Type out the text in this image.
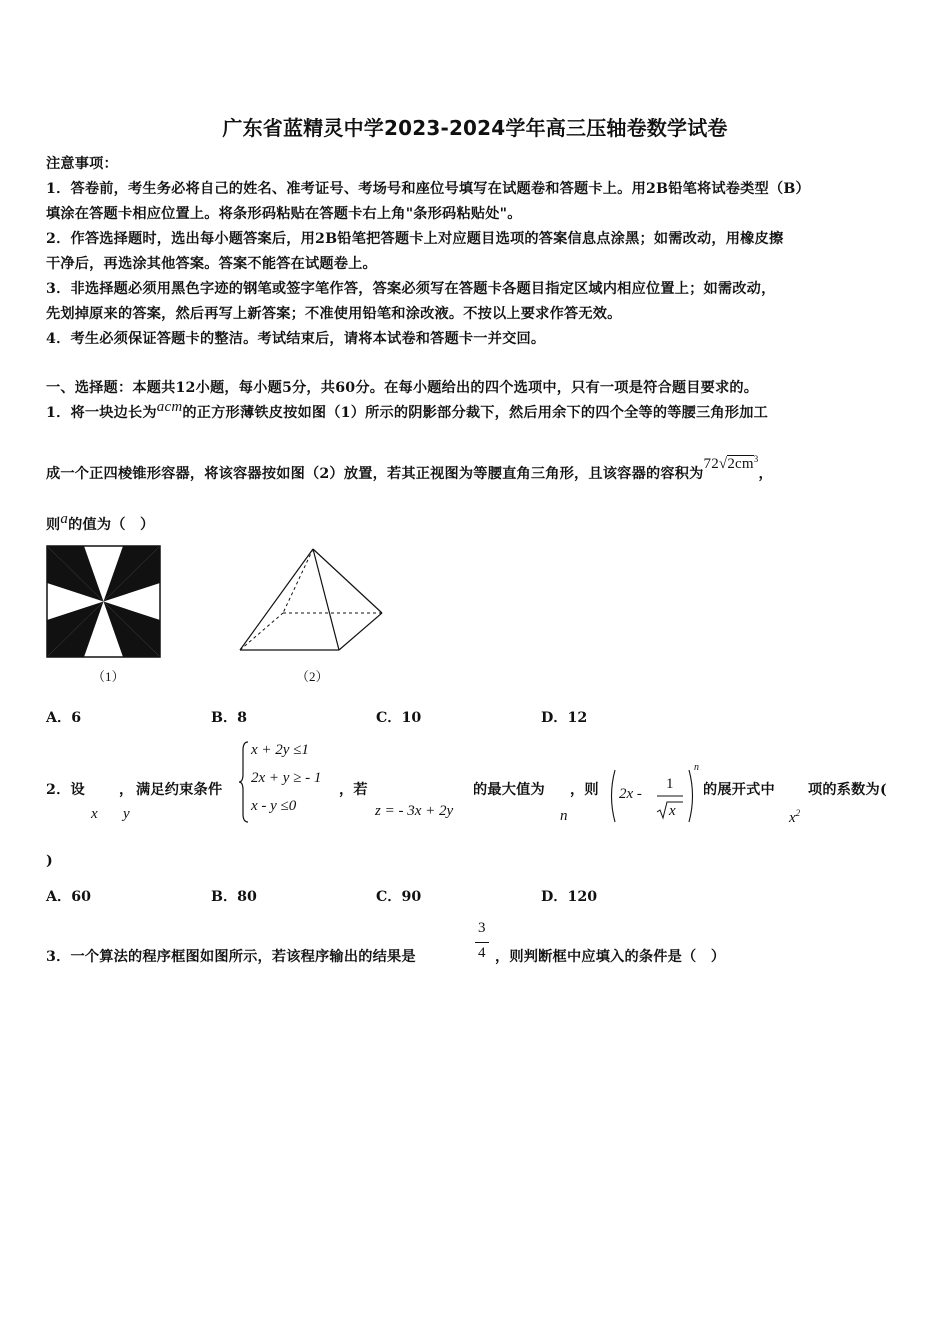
广东省蓝精灵中学2023-2024学年高三压轴卷数学试卷
注意事项：
1．答卷前，考生务必将自己的姓名、准考证号、考场号和座位号填写在试题卷和答题卡上。用2B铅笔将试卷类型（B）
填涂在答题卡相应位置上。将条形码粘贴在答题卡右上角"条形码粘贴处"。
2．作答选择题时，选出每小题答案后，用2B铅笔把答题卡上对应题目选项的答案信息点涂黑；如需改动，用橡皮擦
干净后，再选涂其他答案。答案不能答在试题卷上。
3．非选择题必须用黑色字迹的钢笔或签字笔作答，答案必须写在答题卡各题目指定区域内相应位置上；如需改动，
先划掉原来的答案，然后再写上新答案；不准使用铅笔和涂改液。不按以上要求作答无效。
4．考生必须保证答题卡的整洁。考试结束后，请将本试卷和答题卡一并交回。
一、选择题：本题共12小题，每小题5分，共60分。在每小题给出的四个选项中，只有一项是符合题目要求的。
1．将一块边长为acm的正方形薄铁皮按如图（1）所示的阴影部分裁下，然后用余下的四个全等的等腰三角形加工
成一个正四棱锥形容器，将该容器按如图（2）放置，若其正视图为等腰直角三角形，且该容器的容积为$72√2cm^3$，
则a的值为（　）
（1）	（2）
A．6	B．8	C．10	D．12
2．设 ， 满足约束条件
x y
x + 2y ≤1
2x + y ≥ - 1
x - y ≤0
，若
z = - 3x + 2y
的最大值为 ，则
n
2x -
1
x
n
的展开式中 项的系数为(
$x^2$
)
A．60	B．80	C．90	D．120
3．一个算法的程序框图如图所示，若该程序输出的结果是
3
4 ，则判断框中应填入的条件是（　）
